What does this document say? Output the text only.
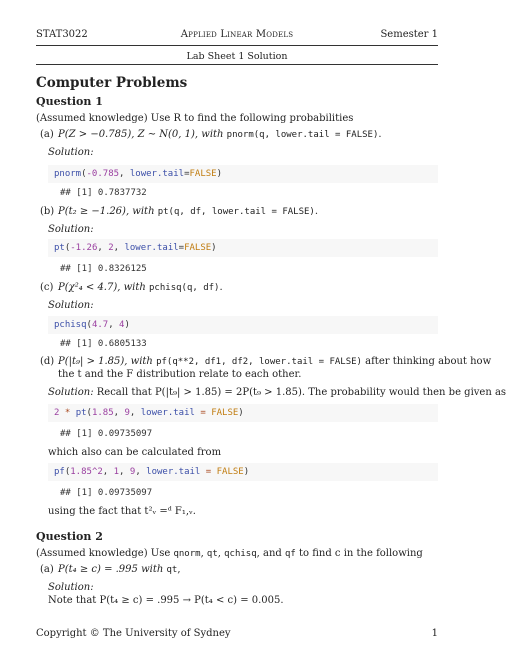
STAT3022	Applied Linear Models	Semester 1
Lab Sheet 1 Solution
Computer Problems
Question 1
(Assumed knowledge) Use R to find the following probabilities
(a) P(Z > −0.785), Z ∼ N(0, 1), with pnorm(q, lower.tail = FALSE).
Solution:
pnorm(-0.785, lower.tail=FALSE)
## [1] 0.7837732
(b) P(t₂ ≥ −1.26), with pt(q, df, lower.tail = FALSE).
Solution:
pt(-1.26, 2, lower.tail=FALSE)
## [1] 0.8326125
(c) P(χ²₄ < 4.7), with pchisq(q, df).
Solution:
pchisq(4.7, 4)
## [1] 0.6805133
(d) P(|t₉| > 1.85), with pf(q**2, df1, df2, lower.tail = FALSE) after thinking about how
the t and the F distribution relate to each other.
Solution: Recall that P(|t₉| > 1.85) = 2P(t₉ > 1.85). The probability would then be given as
2 * pt(1.85, 9, lower.tail = FALSE)
## [1] 0.09735097
which also can be calculated from
pf(1.85^2, 1, 9, lower.tail = FALSE)
## [1] 0.09735097
using the fact that t²ᵥ =ᵈ F₁,ᵥ.
Question 2
(Assumed knowledge) Use qnorm, qt, qchisq, and qf to find c in the following
(a) P(t₄ ≥ c) = .995 with qt,
Solution:
Note that P(t₄ ≥ c) = .995 → P(t₄ < c) = 0.005.
Copyright © The University of Sydney	1
